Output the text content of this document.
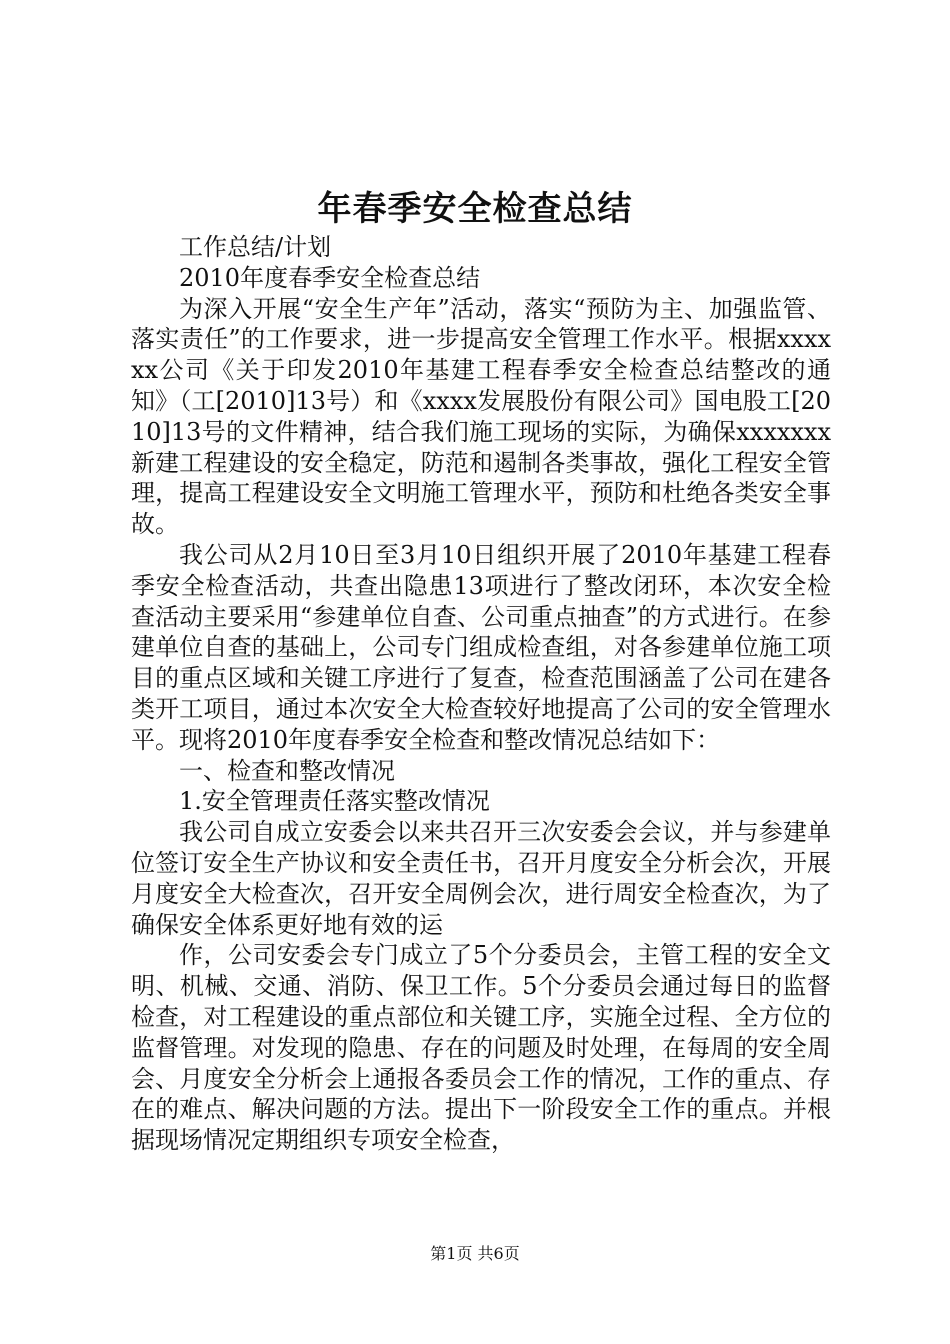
年春季安全检查总结

工作总结/计划

2010年度春季安全检查总结

为深入开展“安全生产年”活动，落实“预防为主、加强监管、落实责任”的工作要求，进一步提高安全管理工作水平。根据xxxxxx公司《关于印发2010年基建工程春季安全检查总结整改的通知》（工[2010]13号）和《xxxx发展股份有限公司》国电股工[2010]13号的文件精神，结合我们施工现场的实际，为确保xxxxxxx新建工程建设的安全稳定，防范和遏制各类事故，强化工程安全管理，提高工程建设安全文明施工管理水平，预防和杜绝各类安全事故。

我公司从2月10日至3月10日组织开展了2010年基建工程春季安全检查活动，共查出隐患13项进行了整改闭环，本次安全检查活动主要采用“参建单位自查、公司重点抽查”的方式进行。在参建单位自查的基础上，公司专门组成检查组，对各参建单位施工项目的重点区域和关键工序进行了复查，检查范围涵盖了公司在建各类开工项目，通过本次安全大检查较好地提高了公司的安全管理水平。现将2010年度春季安全检查和整改情况总结如下：

一、检查和整改情况

1.安全管理责任落实整改情况

我公司自成立安委会以来共召开三次安委会会议，并与参建单位签订安全生产协议和安全责任书，召开月度安全分析会次，开展月度安全大检查次，召开安全周例会次，进行周安全检查次，为了确保安全体系更好地有效的运

作，公司安委会专门成立了5个分委员会，主管工程的安全文明、机械、交通、消防、保卫工作。5个分委员会通过每日的监督检查，对工程建设的重点部位和关键工序，实施全过程、全方位的监督管理。对发现的隐患、存在的问题及时处理，在每周的安全周会、月度安全分析会上通报各委员会工作的情况，工作的重点、存在的难点、解决问题的方法。提出下一阶段安全工作的重点。并根据现场情况定期组织专项安全检查，

第1页 共6页
